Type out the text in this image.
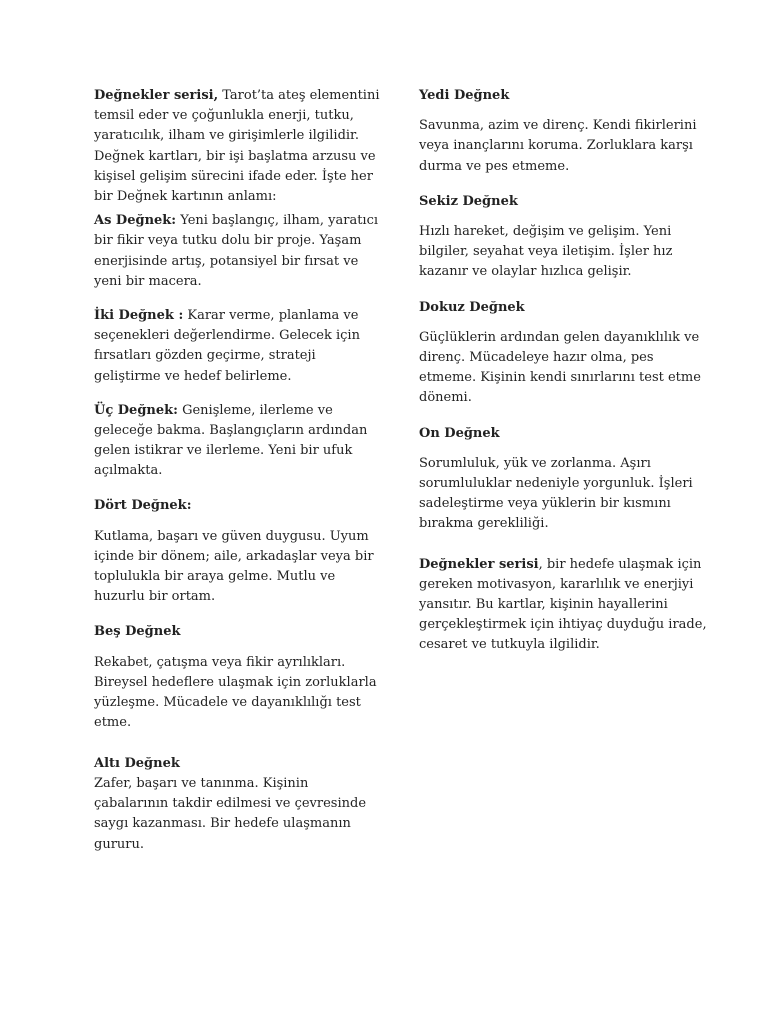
Değnekler serisi, Tarot’ta ateş elementini temsil eder ve çoğunlukla enerji, tutku, yaratıcılık, ilham ve girişimlerle ilgilidir. Değnek kartları, bir işi başlatma arzusu ve kişisel gelişim sürecini ifade eder. İşte her bir Değnek kartının anlamı:

As Değnek: Yeni başlangıç, ilham, yaratıcı bir fikir veya tutku dolu bir proje. Yaşam enerjisinde artış, potansiyel bir fırsat ve yeni bir macera.

İki Değnek : Karar verme, planlama ve seçenekleri değerlendirme. Gelecek için fırsatları gözden geçirme, strateji geliştirme ve hedef belirleme.

Üç Değnek: Genişleme, ilerleme ve geleceğe bakma. Başlangıçların ardından gelen istikrar ve ilerleme. Yeni bir ufuk açılmakta.

Dört Değnek:

Kutlama, başarı ve güven duygusu. Uyum içinde bir dönem; aile, arkadaşlar veya bir toplulukla bir araya gelme. Mutlu ve huzurlu bir ortam.

Beş Değnek

Rekabet, çatışma veya fikir ayrılıkları. Bireysel hedeflere ulaşmak için zorluklarla yüzleşme. Mücadele ve dayanıklılığı test etme.

Altı Değnek

Zafer, başarı ve tanınma. Kişinin çabalarının takdir edilmesi ve çevresinde saygı kazanması. Bir hedefe ulaşmanın gururu.

Yedi Değnek

Savunma, azim ve direnç. Kendi fikirlerini veya inançlarını koruma. Zorluklara karşı durma ve pes etmeme.

Sekiz Değnek

Hızlı hareket, değişim ve gelişim. Yeni bilgiler, seyahat veya iletişim. İşler hız kazanır ve olaylar hızlıca gelişir.

Dokuz Değnek

Güçlüklerin ardından gelen dayanıklılık ve direnç. Mücadeleye hazır olma, pes etmeme. Kişinin kendi sınırlarını test etme dönemi.

On Değnek

Sorumluluk, yük ve zorlanma. Aşırı sorumluluklar nedeniyle yorgunluk. İşleri sadeleştirme veya yüklerin bir kısmını bırakma gerekliliği.

Değnekler serisi, bir hedefe ulaşmak için gereken motivasyon, kararlılık ve enerjiyi yansıtır. Bu kartlar, kişinin hayallerini gerçekleştirmek için ihtiyaç duyduğu irade, cesaret ve tutkuyla ilgilidir.
